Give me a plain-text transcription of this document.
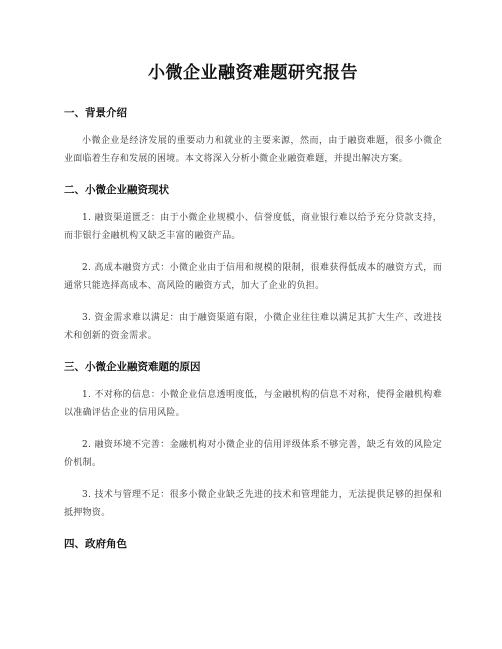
小微企业融资难题研究报告
一、背景介绍

小微企业是经济发展的重要动力和就业的主要来源，然而，由于融资难题，很多小微企业面临着生存和发展的困境。本文将深入分析小微企业融资难题，并提出解决方案。

二、小微企业融资现状

1. 融资渠道匮乏：由于小微企业规模小、信誉度低，商业银行难以给予充分贷款支持，而非银行金融机构又缺乏丰富的融资产品。

2. 高成本融资方式：小微企业由于信用和规模的限制，很难获得低成本的融资方式，而通常只能选择高成本、高风险的融资方式，加大了企业的负担。

3. 资金需求难以满足：由于融资渠道有限，小微企业往往难以满足其扩大生产、改进技术和创新的资金需求。

三、小微企业融资难题的原因

1. 不对称的信息：小微企业信息透明度低，与金融机构的信息不对称，使得金融机构难以准确评估企业的信用风险。

2. 融资环境不完善：金融机构对小微企业的信用评级体系不够完善，缺乏有效的风险定价机制。

3. 技术与管理不足：很多小微企业缺乏先进的技术和管理能力，无法提供足够的担保和抵押物资。

四、政府角色
